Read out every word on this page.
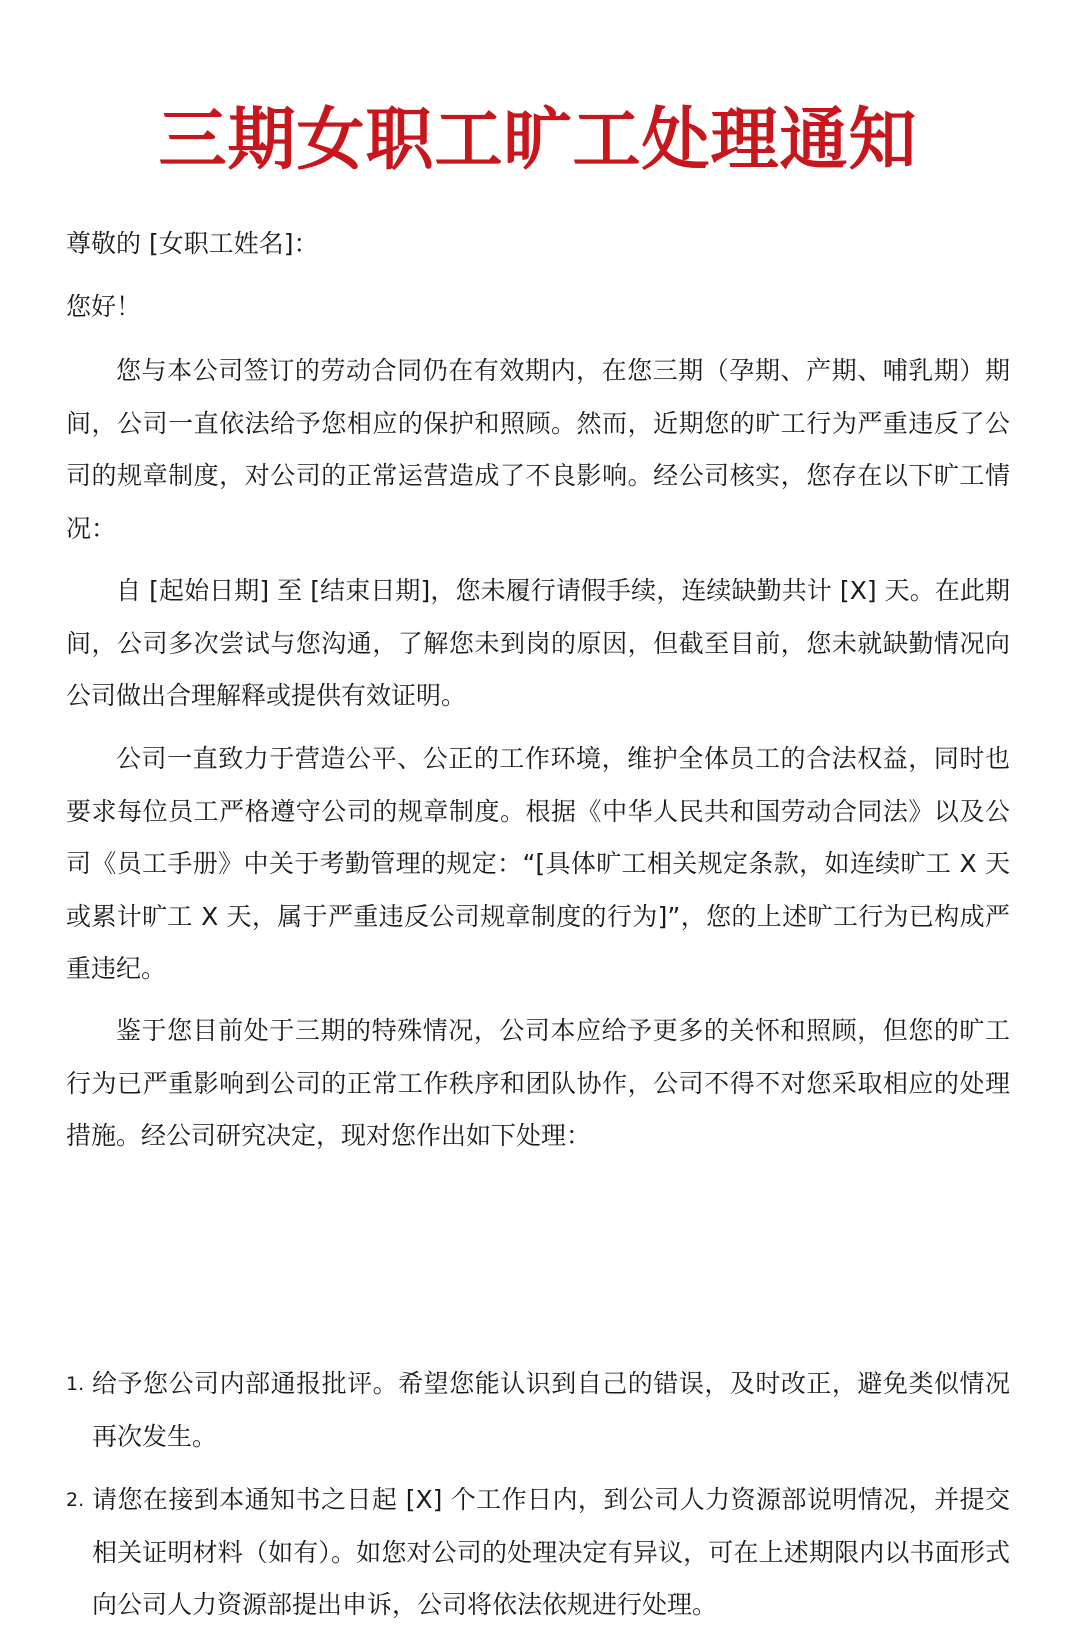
三期女职工旷工处理通知

尊敬的 [女职工姓名]：

您好！

您与本公司签订的劳动合同仍在有效期内，在您三期（孕期、产期、哺乳期）期间，公司一直依法给予您相应的保护和照顾。然而，近期您的旷工行为严重违反了公司的规章制度，对公司的正常运营造成了不良影响。经公司核实，您存在以下旷工情况：

自 [起始日期] 至 [结束日期]，您未履行请假手续，连续缺勤共计 [X] 天。在此期间，公司多次尝试与您沟通，了解您未到岗的原因，但截至目前，您未就缺勤情况向公司做出合理解释或提供有效证明。

公司一直致力于营造公平、公正的工作环境，维护全体员工的合法权益，同时也要求每位员工严格遵守公司的规章制度。根据《中华人民共和国劳动合同法》以及公司《员工手册》中关于考勤管理的规定：“[具体旷工相关规定条款，如连续旷工 X 天或累计旷工 X 天，属于严重违反公司规章制度的行为]”，您的上述旷工行为已构成严重违纪。

鉴于您目前处于三期的特殊情况，公司本应给予更多的关怀和照顾，但您的旷工行为已严重影响到公司的正常工作秩序和团队协作，公司不得不对您采取相应的处理措施。经公司研究决定，现对您作出如下处理：

1. 给予您公司内部通报批评。希望您能认识到自己的错误，及时改正，避免类似情况再次发生。

2. 请您在接到本通知书之日起 [X] 个工作日内，到公司人力资源部说明情况，并提交相关证明材料（如有）。如您对公司的处理决定有异议，可在上述期限内以书面形式向公司人力资源部提出申诉，公司将依法依规进行处理。
